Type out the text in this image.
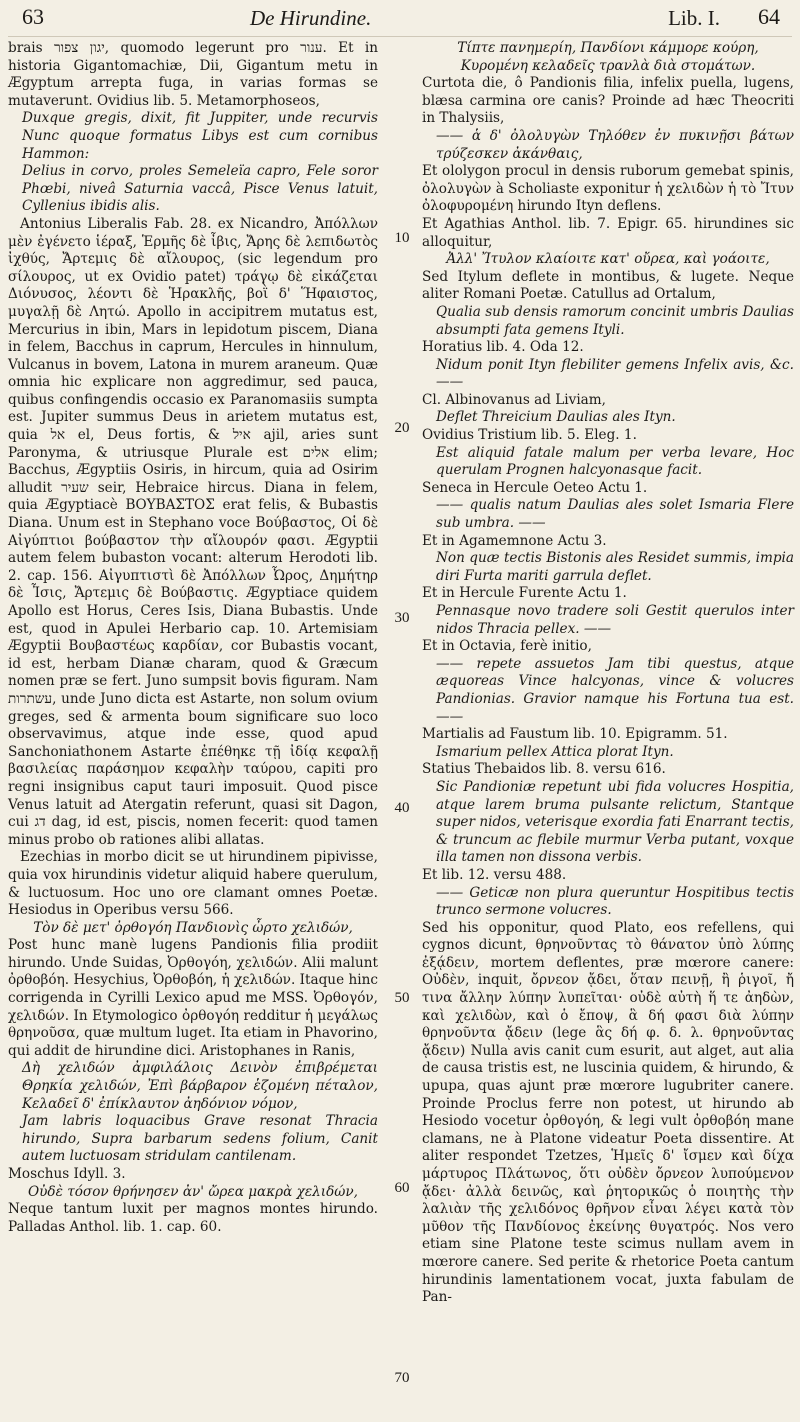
63	De Hirundine.	Lib. I. 64
10
20
30
40
50
60
70

brais יגון צפור, quomodo legerunt pro ענור. Et in historia Gigantomachiæ, Dii, Gigantum metu in Ægyptum arrepta fuga, in varias formas se mutaverunt. Ovidius lib. 5. Metamorphoseos,

Duxque gregis, dixit, fit Juppiter, unde recurvis Nunc quoque formatus Libys est cum cornibus Hammon:

Delius in corvo, proles Semeleïa capro, Fele soror Phœbi, niveâ Saturnia vaccâ, Pisce Venus latuit, Cyllenius ibidis alis.

Antonius Liberalis Fab. 28. ex Nicandro, Ἀπόλλων μὲν ἐγένετο ἱέραξ, Ἑρμῆς δὲ ἶβις, Ἄρης δὲ λεπιδωτὸς ἰχθύς, Ἄρτεμις δὲ αἴλουρος, (sic legendum pro σίλουρος, ut ex Ovidio patet) τράγῳ δὲ εἰκάζεται Διόνυσος, λέοντι δὲ Ἡρακλῆς, βοῒ δ' Ἥφαιστος, μυγαλῇ δὲ Λητώ. Apollo in accipitrem mutatus est, Mercurius in ibin, Mars in lepidotum piscem, Diana in felem, Bacchus in caprum, Hercules in hinnulum, Vulcanus in bovem, Latona in murem araneum. Quæ omnia hic explicare non aggredimur, sed pauca, quibus confingendis occasio ex Paranomasiis sumpta est. Jupiter summus Deus in arietem mutatus est, quia אל el, Deus fortis, & איל ajil, aries sunt Paronyma, & utriusque Plurale est אלים elim; Bacchus, Ægyptiis Osiris, in hircum, quia ad Osirim alludit שעיר seir, Hebraice hircus. Diana in felem, quia Ægyptiacè ΒΟΥΒΑΣΤΟΣ erat felis, & Bubastis Diana. Unum est in Stephano voce Βούβαστος, Οἱ δὲ Αἰγύπτιοι βούβαστον τὴν αἴλουρόν φασι. Ægyptii autem felem bubaston vocant: alterum Herodoti lib. 2. cap. 156. Αἰγυπτιστὶ δὲ Ἀπόλλων Ὦρος, Δημήτηρ δὲ Ἶσις, Ἄρτεμις δὲ Βούβαστις. Ægyptiace quidem Apollo est Horus, Ceres Isis, Diana Bubastis. Unde est, quod in Apulei Herbario cap. 10. Artemisiam Ægyptii Βουβαστέως καρδίαν, cor Bubastis vocant, id est, herbam Dianæ charam, quod & Græcum nomen præ se fert. Juno sumpsit bovis figuram. Nam עשתרות, unde Juno dicta est Astarte, non solum ovium greges, sed & armenta boum significare suo loco observavimus, atque inde esse, quod apud Sanchoniathonem Astarte ἐπέθηκε τῇ ἰδίᾳ κεφαλῇ βασιλείας παράσημον κεφαλὴν ταύρου, capiti pro regni insignibus caput tauri imposuit. Quod pisce Venus latuit ad Atergatin referunt, quasi sit Dagon, cui דג dag, id est, piscis, nomen fecerit: quod tamen minus probo ob rationes alibi allatas.

Ezechias in morbo dicit se ut hirundinem pipivisse, quia vox hirundinis videtur aliquid habere querulum, & luctuosum. Hoc uno ore clamant omnes Poetæ. Hesiodus in Operibus versu 566.

Τὸν δὲ μετ' ὀρθογόη Πανδιονὶς ὦρτο χελιδών,

Post hunc manè lugens Pandionis filia prodiit hirundo. Unde Suidas, Ὀρθογόη, χελιδών. Alii malunt ὀρθοβόη. Hesychius, Ὀρθοβόη, ἡ χελιδών. Itaque hinc corrigenda in Cyrilli Lexico apud me MSS. Ὀρθογόν, χελιδών. In Etymologico ὀρθογόη redditur ἡ μεγάλως θρηνοῦσα, quæ multum luget. Ita etiam in Phavorino, qui addit de hirundine dici. Aristophanes in Ranis,

Δὴ χελιδών ἀμφιλάλοις Δεινὸν ἐπιβρέμεται Θρηκία χελιδών, Ἐπὶ βάρβαρον ἑζομένη πέταλον, Κελαδεῖ δ' ἐπίκλαυτον ἀηδόνιον νόμον,

Jam labris loquacibus Grave resonat Thracia hirundo, Supra barbarum sedens folium, Canit autem luctuosam stridulam cantilenam.

Moschus Idyll. 3.

Οὐδὲ τόσον θρήνησεν ἀν' ὤρεα μακρὰ χελιδών,

Neque tantum luxit per magnos montes hirundo. Palladas Anthol. lib. 1. cap. 60.

Τίπτε πανημερίη, Πανδίονι κάμμορε κούρη,

Κυρομένη κελαδεῖς τρανλὰ διὰ στομάτων.

Curtota die, ô Pandionis filia, infelix puella, lugens, blæsa carmina ore canis? Proinde ad hæc Theocriti in Thalysiis,

—— ἁ δ' ὀλολυγὼν Τηλόθεν ἐν πυκινῇσι βάτων τρύζεσκεν ἀκάνθαις,

Et ololygon procul in densis ruborum gemebat spinis, ὀλολυγὼν à Scholiaste exponitur ἡ χελιδὼν ἡ τὸ Ἴτυν ὀλοφυρομένη hirundo Ityn deflens.

Et Agathias Anthol. lib. 7. Epigr. 65. hirundines sic alloquitur,

Ἀλλ' Ἴτυλον κλαίοιτε κατ' οὔρεα, καὶ γοάοιτε,

Sed Itylum deflete in montibus, & lugete. Neque aliter Romani Poetæ. Catullus ad Ortalum,

Qualia sub densis ramorum concinit umbris Daulias absumpti fata gemens Ityli.

Horatius lib. 4. Oda 12.

Nidum ponit Ityn flebiliter gemens Infelix avis, &c. ——

Cl. Albinovanus ad Liviam,

Deflet Threicium Daulias ales Ityn.

Ovidius Tristium lib. 5. Eleg. 1.

Est aliquid fatale malum per verba levare, Hoc querulam Prognen halcyonasque facit.

Seneca in Hercule Oeteo Actu 1.

—— qualis natum Daulias ales solet Ismaria Flere sub umbra. ——

Et in Agamemnone Actu 3.

Non quæ tectis Bistonis ales Residet summis, impia diri Furta mariti garrula deflet.

Et in Hercule Furente Actu 1.

Pennasque novo tradere soli Gestit querulos inter nidos Thracia pellex. ——

Et in Octavia, ferè initio,

—— repete assuetos Jam tibi questus, atque æquoreas Vince halcyonas, vince & volucres Pandionias. Gravior namque his Fortuna tua est. ——

Martialis ad Faustum lib. 10. Epigramm. 51.

Ismarium pellex Attica plorat Ityn.

Statius Thebaidos lib. 8. versu 616.

Sic Pandioniæ repetunt ubi fida volucres Hospitia, atque larem bruma pulsante relictum, Stantque super nidos, veterisque exordia fati Enarrant tectis, & truncum ac flebile murmur Verba putant, voxque illa tamen non dissona verbis.

Et lib. 12. versu 488.

—— Geticæ non plura queruntur Hospitibus tectis trunco sermone volucres.

Sed his opponitur, quod Plato, eos refellens, qui cygnos dicunt, θρηνοῦντας τὸ θάνατον ὑπὸ λύπης ἐξᾴδειν, mortem deflentes, præ mœrore canere: Οὐδὲν, inquit, ὄρνεον ᾄδει, ὅταν πεινῇ, ἢ ῥιγοῖ, ἤ τινα ἄλλην λύπην λυπεῖται· οὐδὲ αὐτὴ ἥ τε ἀηδὼν, καὶ χελιδὼν, καὶ ὁ ἔποψ, ἃ δή φασι διὰ λύπην θρηνοῦντα ᾄδειν (lege ἃς δή φ. δ. λ. θρηνοῦντας ᾄδειν) Nulla avis canit cum esurit, aut alget, aut alia de causa tristis est, ne luscinia quidem, & hirundo, & upupa, quas ajunt præ mœrore lugubriter canere. Proinde Proclus ferre non potest, ut hirundo ab Hesiodo vocetur ὀρθογόη, & legi vult ὀρθοβόη mane clamans, ne à Platone videatur Poeta dissentire. At aliter respondet Tzetzes, Ἡμεῖς δ' ἴσμεν καὶ δίχα μάρτυρος Πλάτωνος, ὅτι οὐδὲν ὄρνεον λυπούμενον ᾄδει· ἀλλὰ δεινῶς, καὶ ῥητορικῶς ὁ ποιητὴς τὴν λαλιὰν τῆς χελιδόνος θρῆνον εἶναι λέγει κατὰ τὸν μῦθον τῆς Πανδίονος ἐκείνης θυγατρός. Nos vero etiam sine Platone teste scimus nullam avem in mœrore canere. Sed perite & rhetorice Poeta cantum hirundinis lamentationem vocat, juxta fabulam de Pan-
